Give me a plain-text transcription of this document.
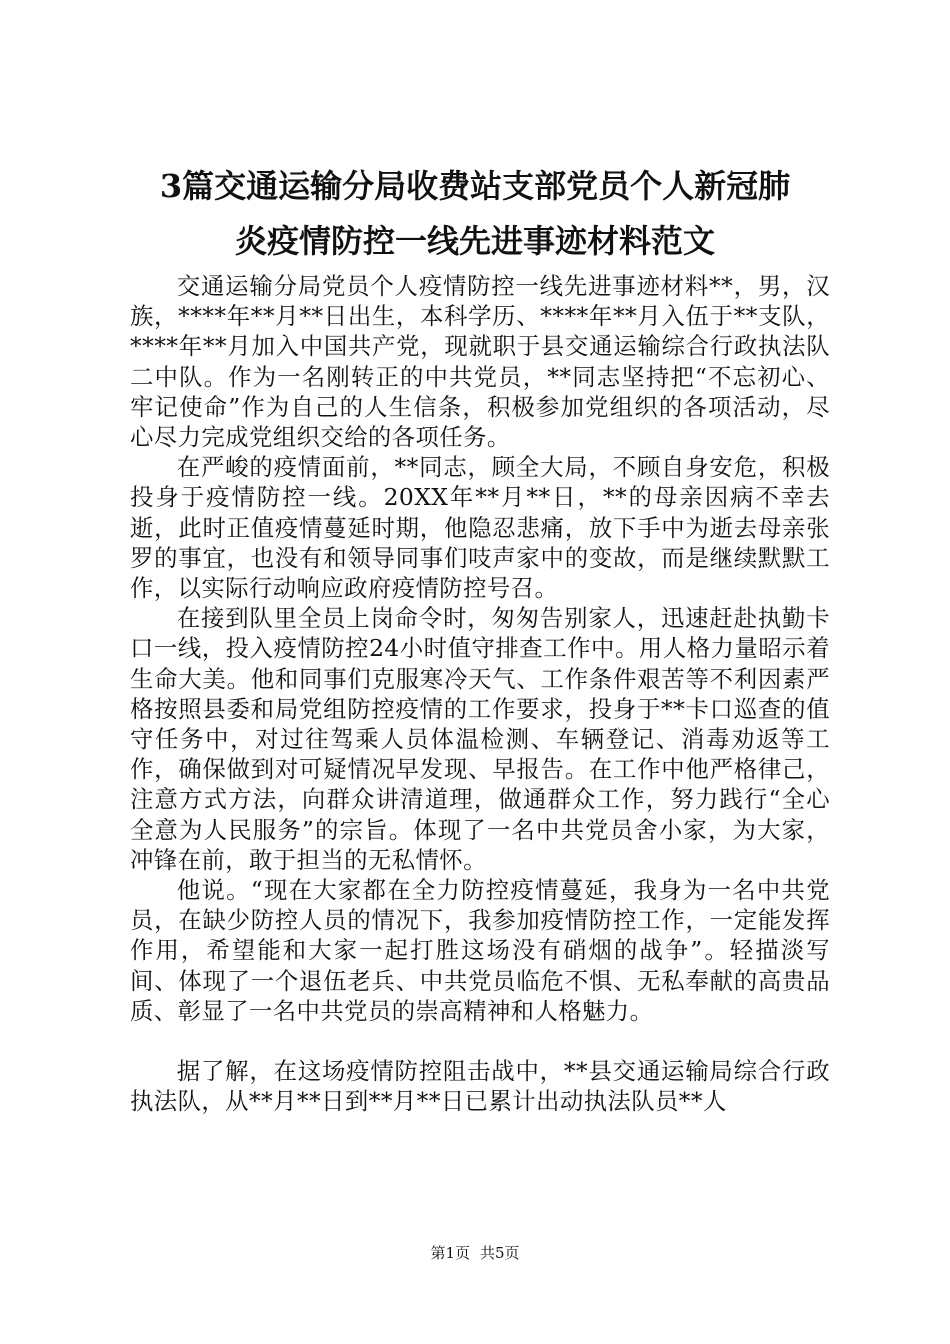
3篇交通运输分局收费站支部党员个人新冠肺
炎疫情防控一线先进事迹材料范文

交通运输分局党员个人疫情防控一线先进事迹材料**，男，汉族，****年**月**日出生，本科学历、****年**月入伍于**支队，****年**月加入中国共产党，现就职于县交通运输综合行政执法队二中队。作为一名刚转正的中共党员，**同志坚持把“不忘初心、牢记使命”作为自己的人生信条，积极参加党组织的各项活动，尽心尽力完成党组织交给的各项任务。

在严峻的疫情面前，**同志，顾全大局，不顾自身安危，积极投身于疫情防控一线。20XX年**月**日，**的母亲因病不幸去逝，此时正值疫情蔓延时期，他隐忍悲痛，放下手中为逝去母亲张罗的事宜，也没有和领导同事们吱声家中的变故，而是继续默默工作，以实际行动响应政府疫情防控号召。

在接到队里全员上岗命令时，匆匆告别家人，迅速赶赴执勤卡口一线，投入疫情防控24小时值守排查工作中。用人格力量昭示着生命大美。他和同事们克服寒冷天气、工作条件艰苦等不利因素严格按照县委和局党组防控疫情的工作要求，投身于**卡口巡查的值守任务中，对过往驾乘人员体温检测、车辆登记、消毒劝返等工作，确保做到对可疑情况早发现、早报告。在工作中他严格律己，注意方式方法，向群众讲清道理，做通群众工作，努力践行“全心全意为人民服务”的宗旨。体现了一名中共党员舍小家，为大家，冲锋在前，敢于担当的无私情怀。

他说。“现在大家都在全力防控疫情蔓延，我身为一名中共党员，在缺少防控人员的情况下，我参加疫情防控工作，一定能发挥作用，希望能和大家一起打胜这场没有硝烟的战争”。轻描淡写间、体现了一个退伍老兵、中共党员临危不惧、无私奉献的高贵品质、彰显了一名中共党员的崇高精神和人格魅力。

据了解，在这场疫情防控阻击战中，**县交通运输局综合行政执法队，从**月**日到**月**日已累计出动执法队员**人

第1页 共5页
